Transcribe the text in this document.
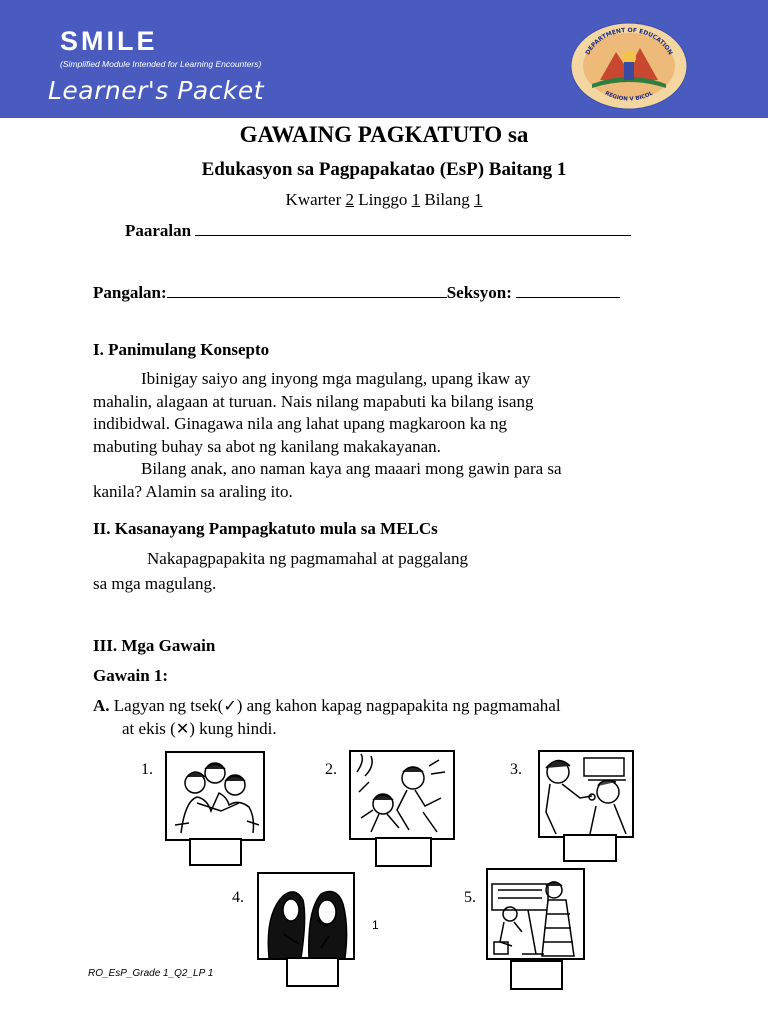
SMILE
(Simplified Module Intended for Learning Encounters)
Learner's Packet
DEPARTMENT OF EDUCATION
REGION V BICOL
GAWAING PAGKATUTO sa
Edukasyon sa Pagpapakatao (EsP) Baitang 1
Kwarter 2 Linggo 1 Bilang 1
Paaralan
Pangalan:	Seksyon:
I. Panimulang Konsepto
Ibinigay saiyo ang inyong mga magulang, upang ikaw ay
mahalin, alagaan at turuan. Nais nilang mapabuti ka bilang isang
indibidwal. Ginagawa nila ang lahat upang magkaroon ka ng
mabuting buhay sa abot ng kanilang makakayanan.
Bilang anak, ano naman kaya ang maaari mong gawin para sa
kanila? Alamin sa araling ito.
II. Kasanayang Pampagkatuto mula sa MELCs
Nakapagpapakita ng pagmamahal at paggalang
sa mga magulang.
III. Mga Gawain
Gawain 1:
A. Lagyan ng tsek(✓) ang kahon kapag nagpapakita ng pagmamahal
at ekis (✕) kung hindi.
1.	2.	3.
4.	5.
1
RO_EsP_Grade 1_Q2_LP 1
